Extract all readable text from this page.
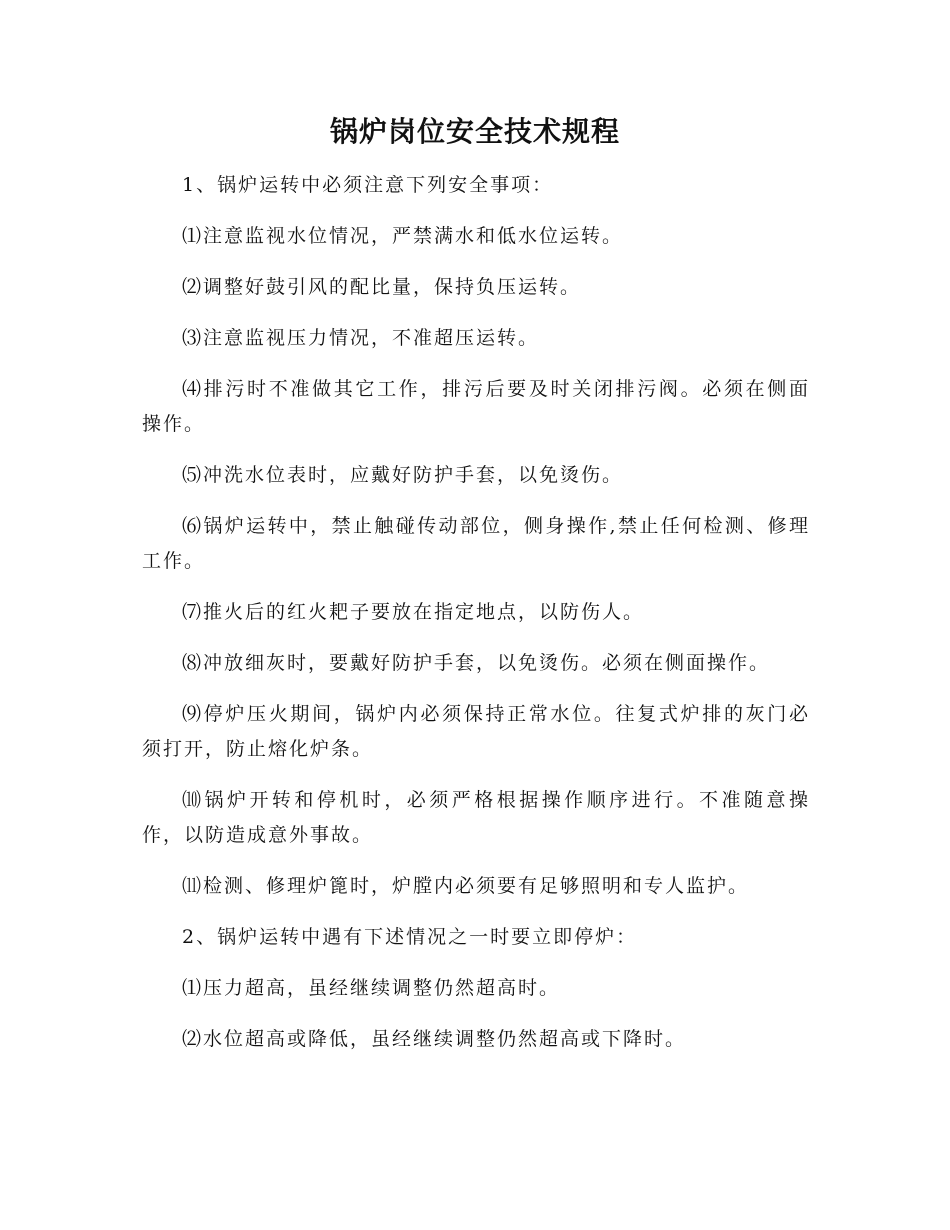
锅炉岗位安全技术规程

1、锅炉运转中必须注意下列安全事项：

⑴注意监视水位情况，严禁满水和低水位运转。

⑵调整好鼓引风的配比量，保持负压运转。

⑶注意监视压力情况，不准超压运转。

⑷排污时不准做其它工作，排污后要及时关闭排污阀。必须在侧面操作。

⑸冲洗水位表时，应戴好防护手套，以免烫伤。

⑹锅炉运转中，禁止触碰传动部位，侧身操作,禁止任何检测、修理工作。

⑺推火后的红火耙子要放在指定地点，以防伤人。

⑻冲放细灰时，要戴好防护手套，以免烫伤。必须在侧面操作。

⑼停炉压火期间，锅炉内必须保持正常水位。往复式炉排的灰门必须打开，防止熔化炉条。

⑽锅炉开转和停机时，必须严格根据操作顺序进行。不准随意操作，以防造成意外事故。

⑾检测、修理炉篦时，炉膛内必须要有足够照明和专人监护。

2、锅炉运转中遇有下述情况之一时要立即停炉：

⑴压力超高，虽经继续调整仍然超高时。

⑵水位超高或降低，虽经继续调整仍然超高或下降时。
